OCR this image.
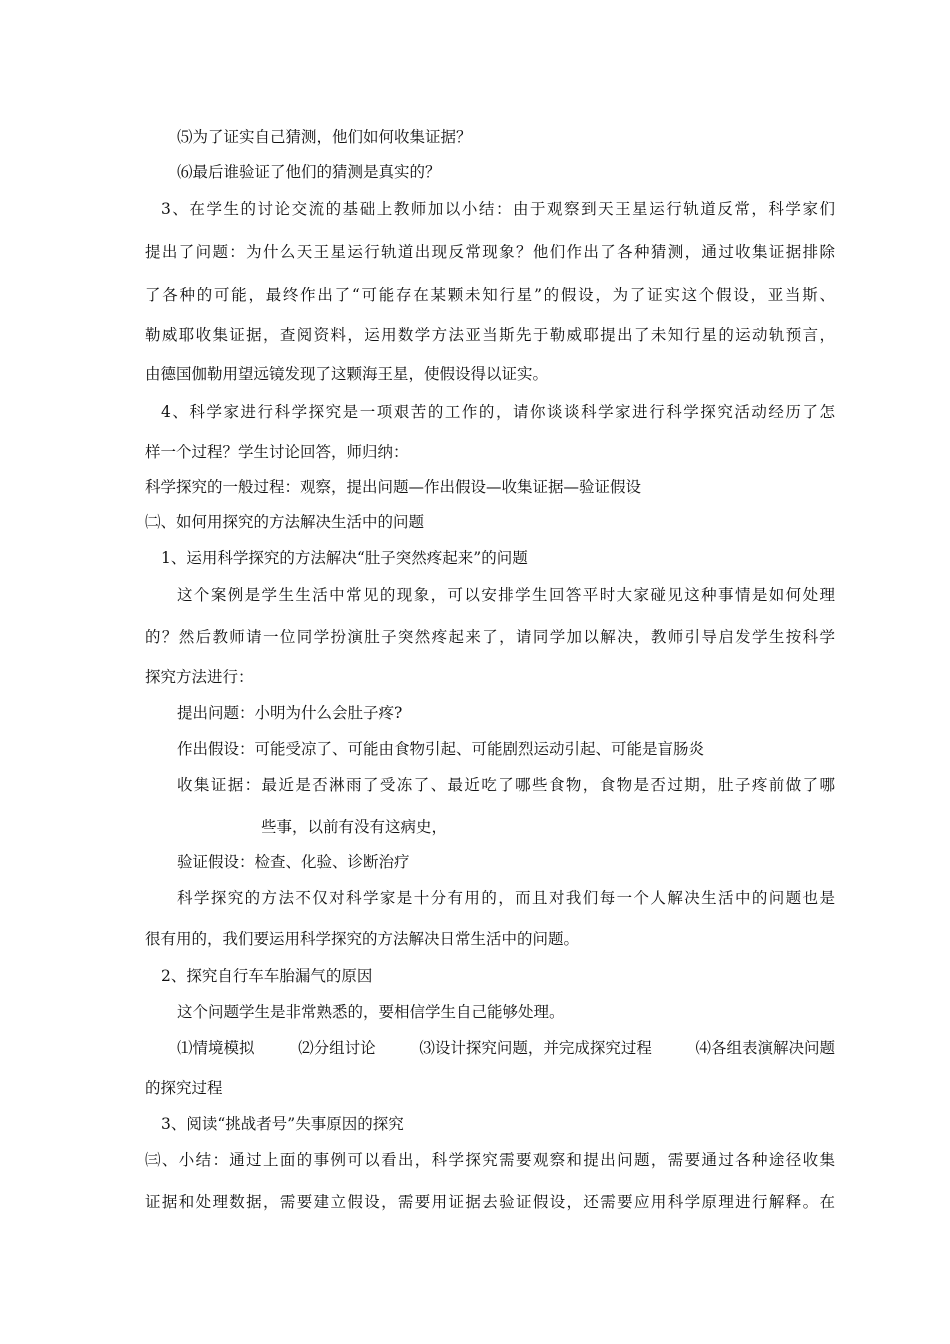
⑸为了证实自己猜测，他们如何收集证据？
⑹最后谁验证了他们的猜测是真实的？
3、在学生的讨论交流的基础上教师加以小结：由于观察到天王星运行轨道反常，科学家们
提出了问题：为什么天王星运行轨道出现反常现象？他们作出了各种猜测，通过收集证据排除
了各种的可能，最终作出了“可能存在某颗未知行星”的假设，为了证实这个假设，亚当斯、
勒威耶收集证据，查阅资料，运用数学方法亚当斯先于勒威耶提出了未知行星的运动轨预言，
由德国伽勒用望远镜发现了这颗海王星，使假设得以证实。
4、科学家进行科学探究是一项艰苦的工作的，请你谈谈科学家进行科学探究活动经历了怎
样一个过程？学生讨论回答，师归纳：
科学探究的一般过程：观察，提出问题—作出假设—收集证据—验证假设
㈡、如何用探究的方法解决生活中的问题
1、运用科学探究的方法解决“肚子突然疼起来”的问题
这个案例是学生生活中常见的现象，可以安排学生回答平时大家碰见这种事情是如何处理
的？然后教师请一位同学扮演肚子突然疼起来了，请同学加以解决，教师引导启发学生按科学
探究方法进行：
提出问题：小明为什么会肚子疼?
作出假设：可能受凉了、可能由食物引起、可能剧烈运动引起、可能是盲肠炎
收集证据：最近是否淋雨了受冻了、最近吃了哪些食物，食物是否过期，肚子疼前做了哪
些事，以前有没有这病史，
验证假设：检查、化验、诊断治疗
科学探究的方法不仅对科学家是十分有用的，而且对我们每一个人解决生活中的问题也是
很有用的，我们要运用科学探究的方法解决日常生活中的问题。
2、探究自行车车胎漏气的原因
这个问题学生是非常熟悉的，要相信学生自己能够处理。
⑴情境模拟	⑵分组讨论	⑶设计探究问题，并完成探究过程	⑷各组表演解决问题
的探究过程
3、阅读“挑战者号”失事原因的探究
㈢、小结：通过上面的事例可以看出，科学探究需要观察和提出问题，需要通过各种途径收集
证据和处理数据，需要建立假设，需要用证据去验证假设，还需要应用科学原理进行解释。在
